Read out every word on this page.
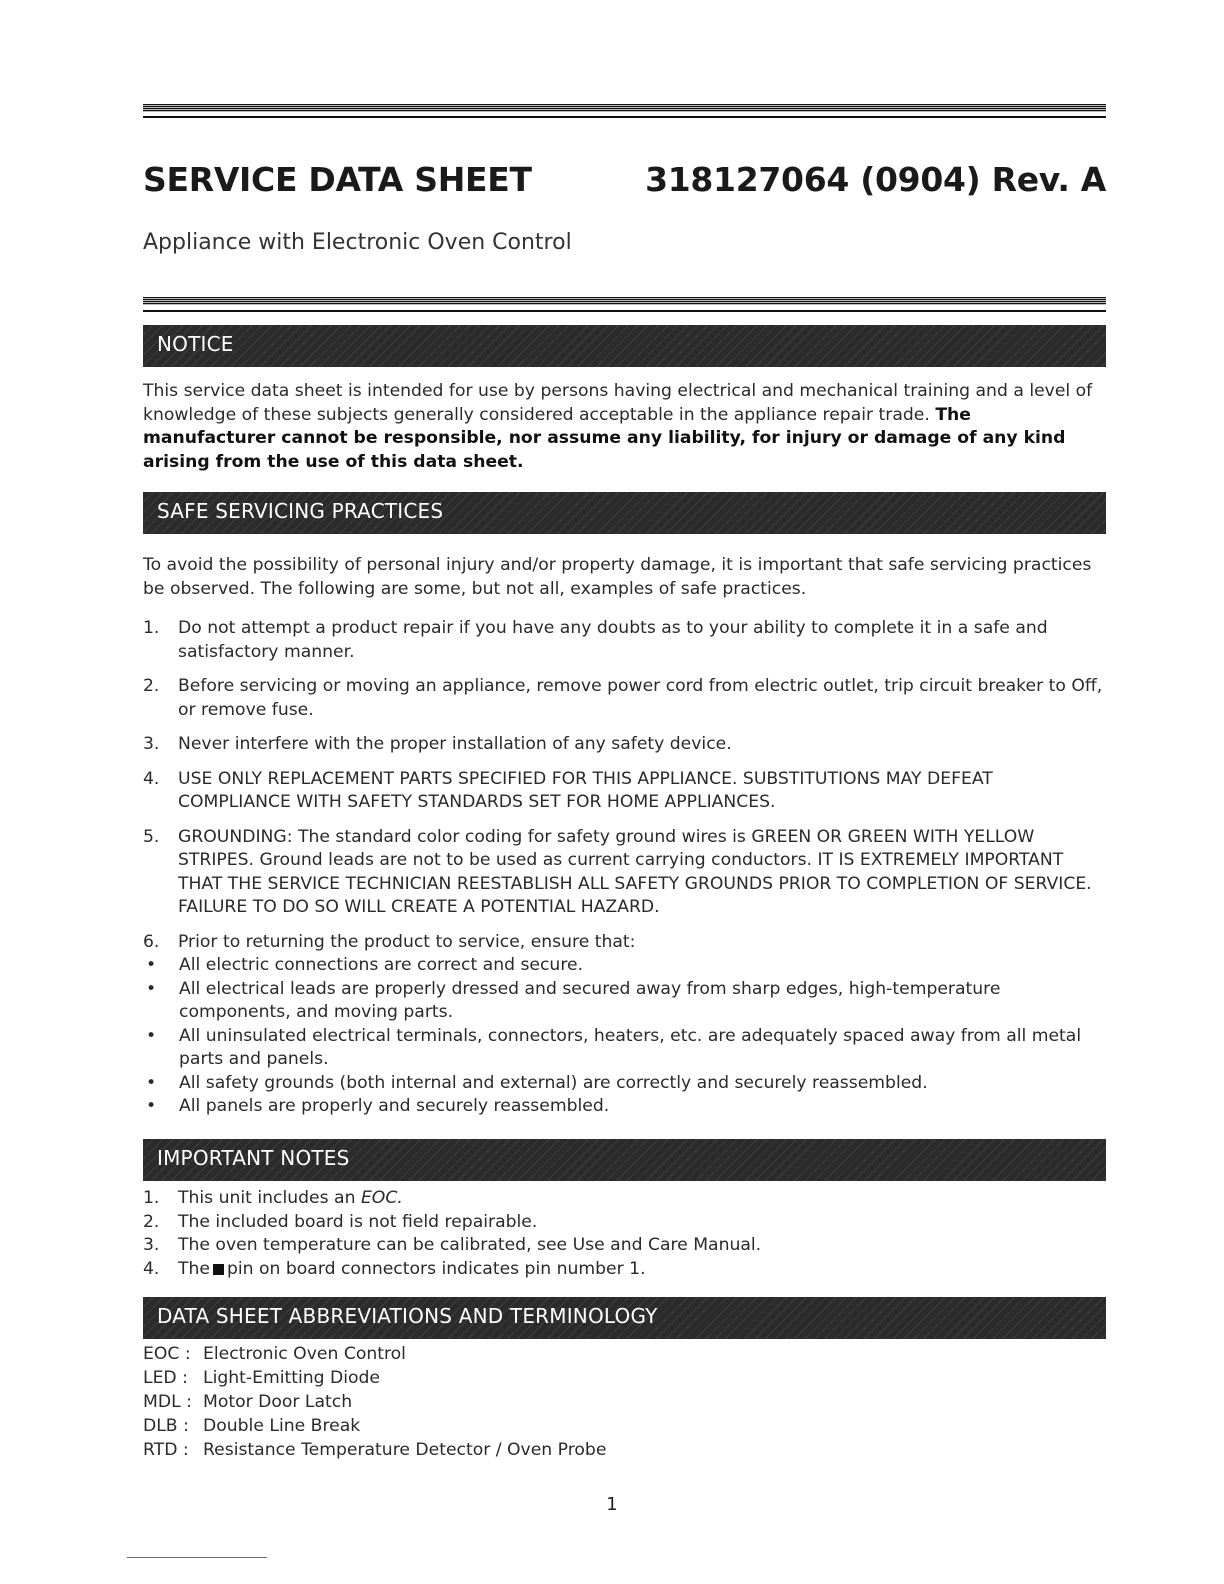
SERVICE DATA SHEET	318127064 (0904) Rev. A
Appliance with Electronic Oven Control
NOTICE
This service data sheet is intended for use by persons having electrical and mechanical training and a level of knowledge of these subjects generally considered acceptable in the appliance repair trade. The manufacturer cannot be responsible, nor assume any liability, for injury or damage of any kind arising from the use of this data sheet.
SAFE SERVICING PRACTICES
To avoid the possibility of personal injury and/or property damage, it is important that safe servicing practices be observed. The following are some, but not all, examples of safe practices.
1.	Do not attempt a product repair if you have any doubts as to your ability to complete it in a safe and satisfactory manner.
2.	Before servicing or moving an appliance, remove power cord from electric outlet, trip circuit breaker to Off, or remove fuse.
3.	Never interfere with the proper installation of any safety device.
4.	USE ONLY REPLACEMENT PARTS SPECIFIED FOR THIS APPLIANCE. SUBSTITUTIONS MAY DEFEAT COMPLIANCE WITH SAFETY STANDARDS SET FOR HOME APPLIANCES.
5.	GROUNDING: The standard color coding for safety ground wires is GREEN OR GREEN WITH YELLOW STRIPES. Ground leads are not to be used as current carrying conductors. IT IS EXTREMELY IMPORTANT THAT THE SERVICE TECHNICIAN REESTABLISH ALL SAFETY GROUNDS PRIOR TO COMPLETION OF SERVICE. FAILURE TO DO SO WILL CREATE A POTENTIAL HAZARD.
6.	Prior to returning the product to service, ensure that:
• All electric connections are correct and secure.
• All electrical leads are properly dressed and secured away from sharp edges, high-temperature components, and moving parts.
• All uninsulated electrical terminals, connectors, heaters, etc. are adequately spaced away from all metal parts and panels.
• All safety grounds (both internal and external) are correctly and securely reassembled.
• All panels are properly and securely reassembled.
IMPORTANT NOTES
1.	This unit includes an EOC.
2.	The included board is not field repairable.
3.	The oven temperature can be calibrated, see Use and Care Manual.
4.	The pin on board connectors indicates pin number 1.
DATA SHEET ABBREVIATIONS AND TERMINOLOGY
EOC : Electronic Oven Control
LED : Light-Emitting Diode
MDL : Motor Door Latch
DLB : Double Line Break
RTD : Resistance Temperature Detector / Oven Probe
1
